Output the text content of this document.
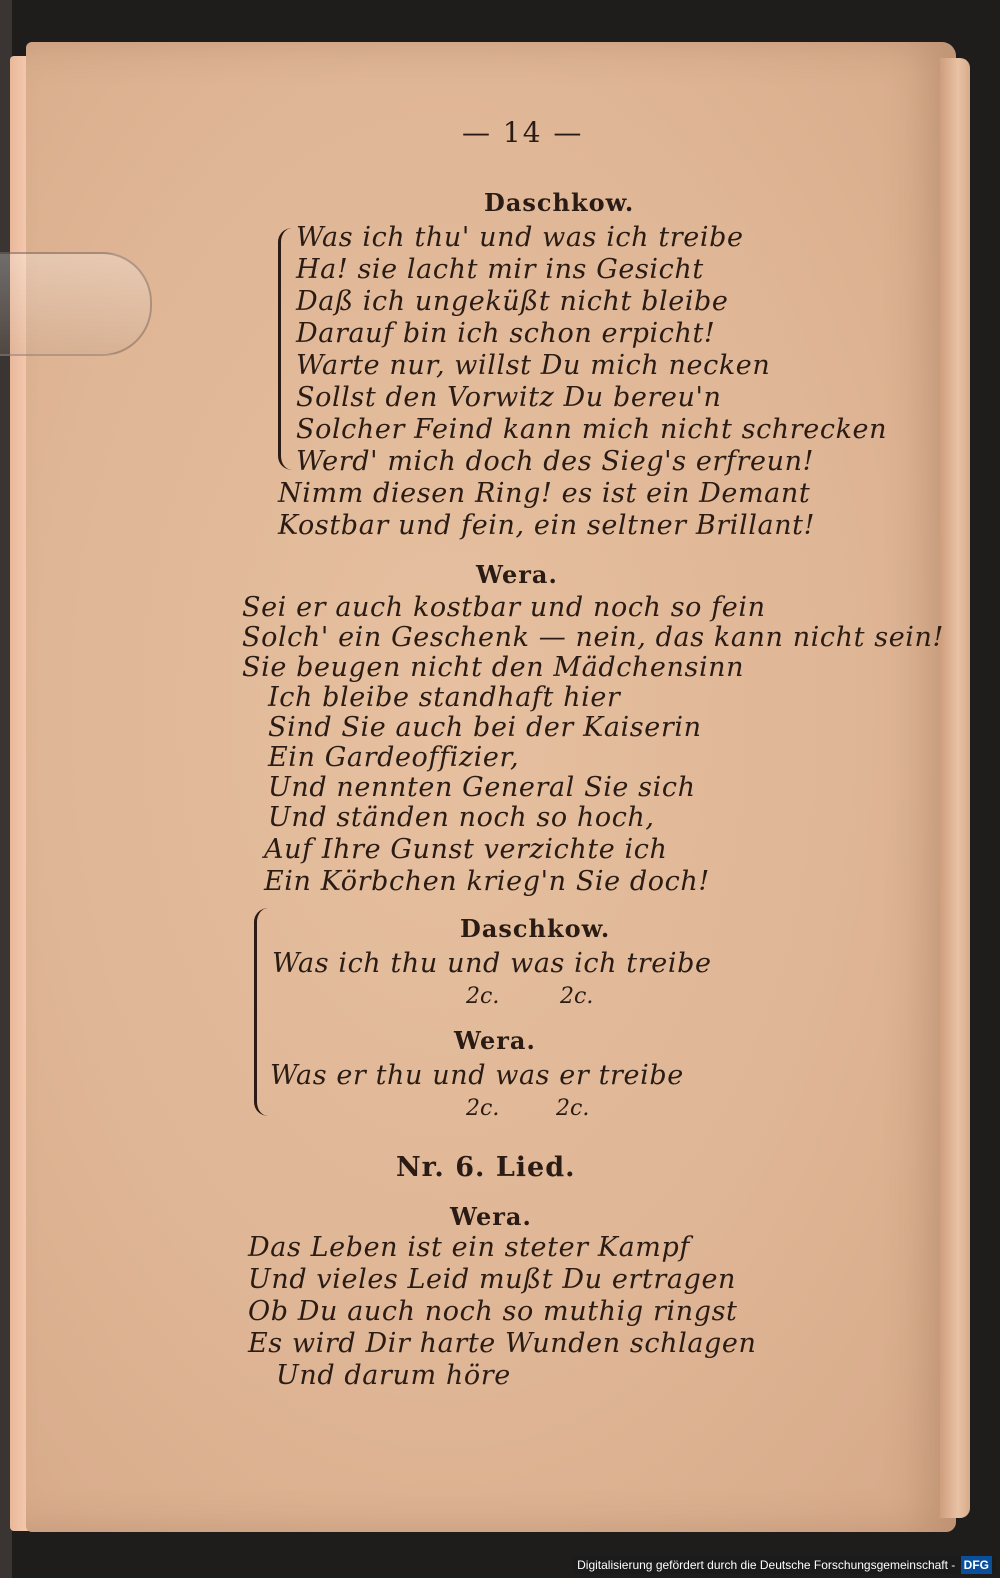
— 14 —
Daschkow.
Was ich thu' und was ich treibe
Ha! sie lacht mir ins Gesicht
Daß ich ungeküßt nicht bleibe
Darauf bin ich schon erpicht!
Warte nur, willst Du mich necken
Sollst den Vorwitz Du bereu'n
Solcher Feind kann mich nicht schrecken
Werd' mich doch des Sieg's erfreun!
Nimm diesen Ring! es ist ein Demant
Kostbar und fein, ein seltner Brillant!
Wera.
Sei er auch kostbar und noch so fein
Solch' ein Geschenk — nein, das kann nicht sein!
Sie beugen nicht den Mädchensinn
Ich bleibe standhaft hier
Sind Sie auch bei der Kaiserin
Ein Gardeoffizier,
Und nennten General Sie sich
Und ständen noch so hoch,
Auf Ihre Gunst verzichte ich
Ein Körbchen krieg'n Sie doch!
Daschkow.
Was ich thu und was ich treibe
2c.	2c.
Wera.
Was er thu und was er treibe
2c.	2c.
Nr. 6. Lied.
Wera.
Das Leben ist ein steter Kampf
Und vieles Leid mußt Du ertragen
Ob Du auch noch so muthig ringst
Es wird Dir harte Wunden schlagen
Und darum höre
Digitalisierung gefördert durch die Deutsche Forschungsgemeinschaft - DFG
